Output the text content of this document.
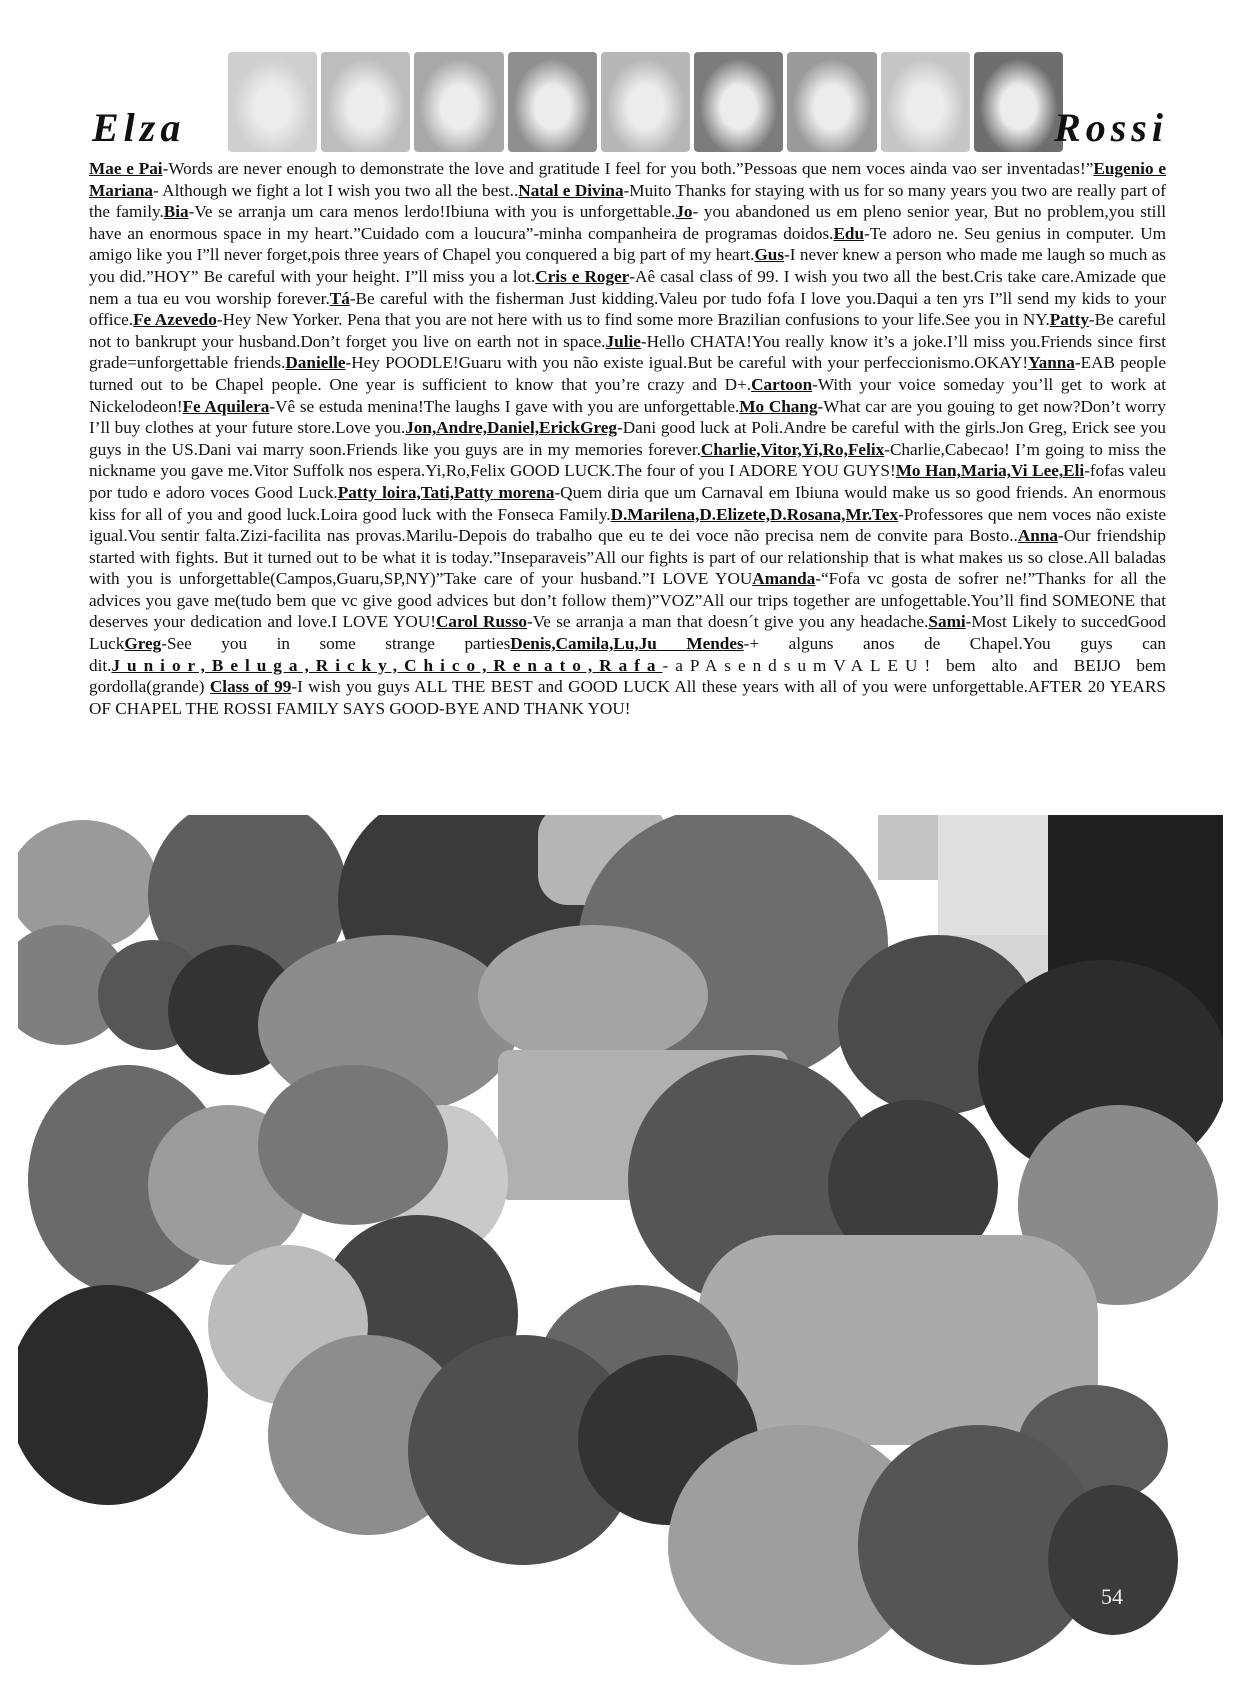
Elza	Rossi

Mae e Pai-Words are never enough to demonstrate the love and gratitude I feel for you both.”Pessoas que nem voces ainda vao ser inventadas!”Eugenio e Mariana- Although we fight a lot I wish you two all the best..Natal e Divina-Muito Thanks for staying with us for so many years you two are really part of the family.Bia-Ve se arranja um cara menos lerdo!Ibiuna with you is unforgettable.Jo- you abandoned us em pleno senior year, But no problem,you still have an enormous space in my heart.”Cuidado com a loucura”-minha companheira de programas doidos.Edu-Te adoro ne. Seu genius in computer. Um amigo like you I”ll never forget,pois three years of Chapel you conquered a big part of my heart.Gus-I never knew a person who made me laugh so much as you did.”HOY” Be careful with your height. I”ll miss you a lot.Cris e Roger-Aê casal class of 99. I wish you two all the best.Cris take care.Amizade que nem a tua eu vou worship forever.Tá-Be careful with the fisherman Just kidding.Valeu por tudo fofa I love you.Daqui a ten yrs I”ll send my kids to your office.Fe Azevedo-Hey New Yorker. Pena that you are not here with us to find some more Brazilian confusions to your life.See you in NY.Patty-Be careful not to bankrupt your husband.Don’t forget you live on earth not in space.Julie-Hello CHATA!You really know it’s a joke.I’ll miss you.Friends since first grade=unforgettable friends.Danielle-Hey POODLE!Guaru with you não existe igual.But be careful with your perfeccionismo.OKAY!Yanna-EAB people turned out to be Chapel people. One year is sufficient to know that you’re crazy and D+.Cartoon-With your voice someday you’ll get to work at Nickelodeon!Fe Aquilera-Vê se estuda menina!The laughs I gave with you are unforgettable.Mo Chang-What car are you gouing to get now?Don’t worry I’ll buy clothes at your future store.Love you.Jon,Andre,Daniel,ErickGreg-Dani good luck at Poli.Andre be careful with the girls.Jon Greg, Erick see you guys in the US.Dani vai marry soon.Friends like you guys are in my memories forever.Charlie,Vitor,Yi,Ro,Felix-Charlie,Cabecao! I’m going to miss the nickname you gave me.Vitor Suffolk nos espera.Yi,Ro,Felix GOOD LUCK.The four of you I ADORE YOU GUYS!Mo Han,Maria,Vi Lee,Eli-fofas valeu por tudo e adoro voces Good Luck.Patty loira,Tati,Patty morena-Quem diria que um Carnaval em Ibiuna would make us so good friends. An enormous kiss for all of you and good luck.Loira good luck with the Fonseca Family.D.Marilena,D.Elizete,D.Rosana,Mr.Tex-Professores que nem voces não existe igual.Vou sentir falta.Zizi-facilita nas provas.Marilu-Depois do trabalho que eu te dei voce não precisa nem de convite para Bosto..Anna-Our friendship started with fights. But it turned out to be what it is today.”Inseparaveis”All our fights is part of our relationship that is what makes us so close.All baladas with you is unforgettable(Campos,Guaru,SP,NY)”Take care of your husband.”I LOVE YOUAmanda-“Fofa vc gosta de sofrer ne!”Thanks for all the advices you gave me(tudo bem que vc give good advices but don’t follow them)”VOZ”All our trips together are unfogettable.You’ll find SOMEONE that deserves your dedication and love.I LOVE YOU!Carol Russo-Ve se arranja a man that doesn´t give you any headache.Sami-Most Likely to succedGood LuckGreg-See you in some strange partiesDenis,Camila,Lu,Ju Mendes-+ alguns anos de Chapel.You guys can dit.Junior,Beluga,Ricky,Chico,Renato,Rafa-aPAsendsumVALEU! bem alto and BEIJO bem gordolla(grande) Class of 99-I wish you guys ALL THE BEST and GOOD LUCK All these years with all of you were unforgettable.AFTER 20 YEARS OF CHAPEL THE ROSSI FAMILY SAYS GOOD-BYE AND THANK YOU!

Yearbook 99	54
